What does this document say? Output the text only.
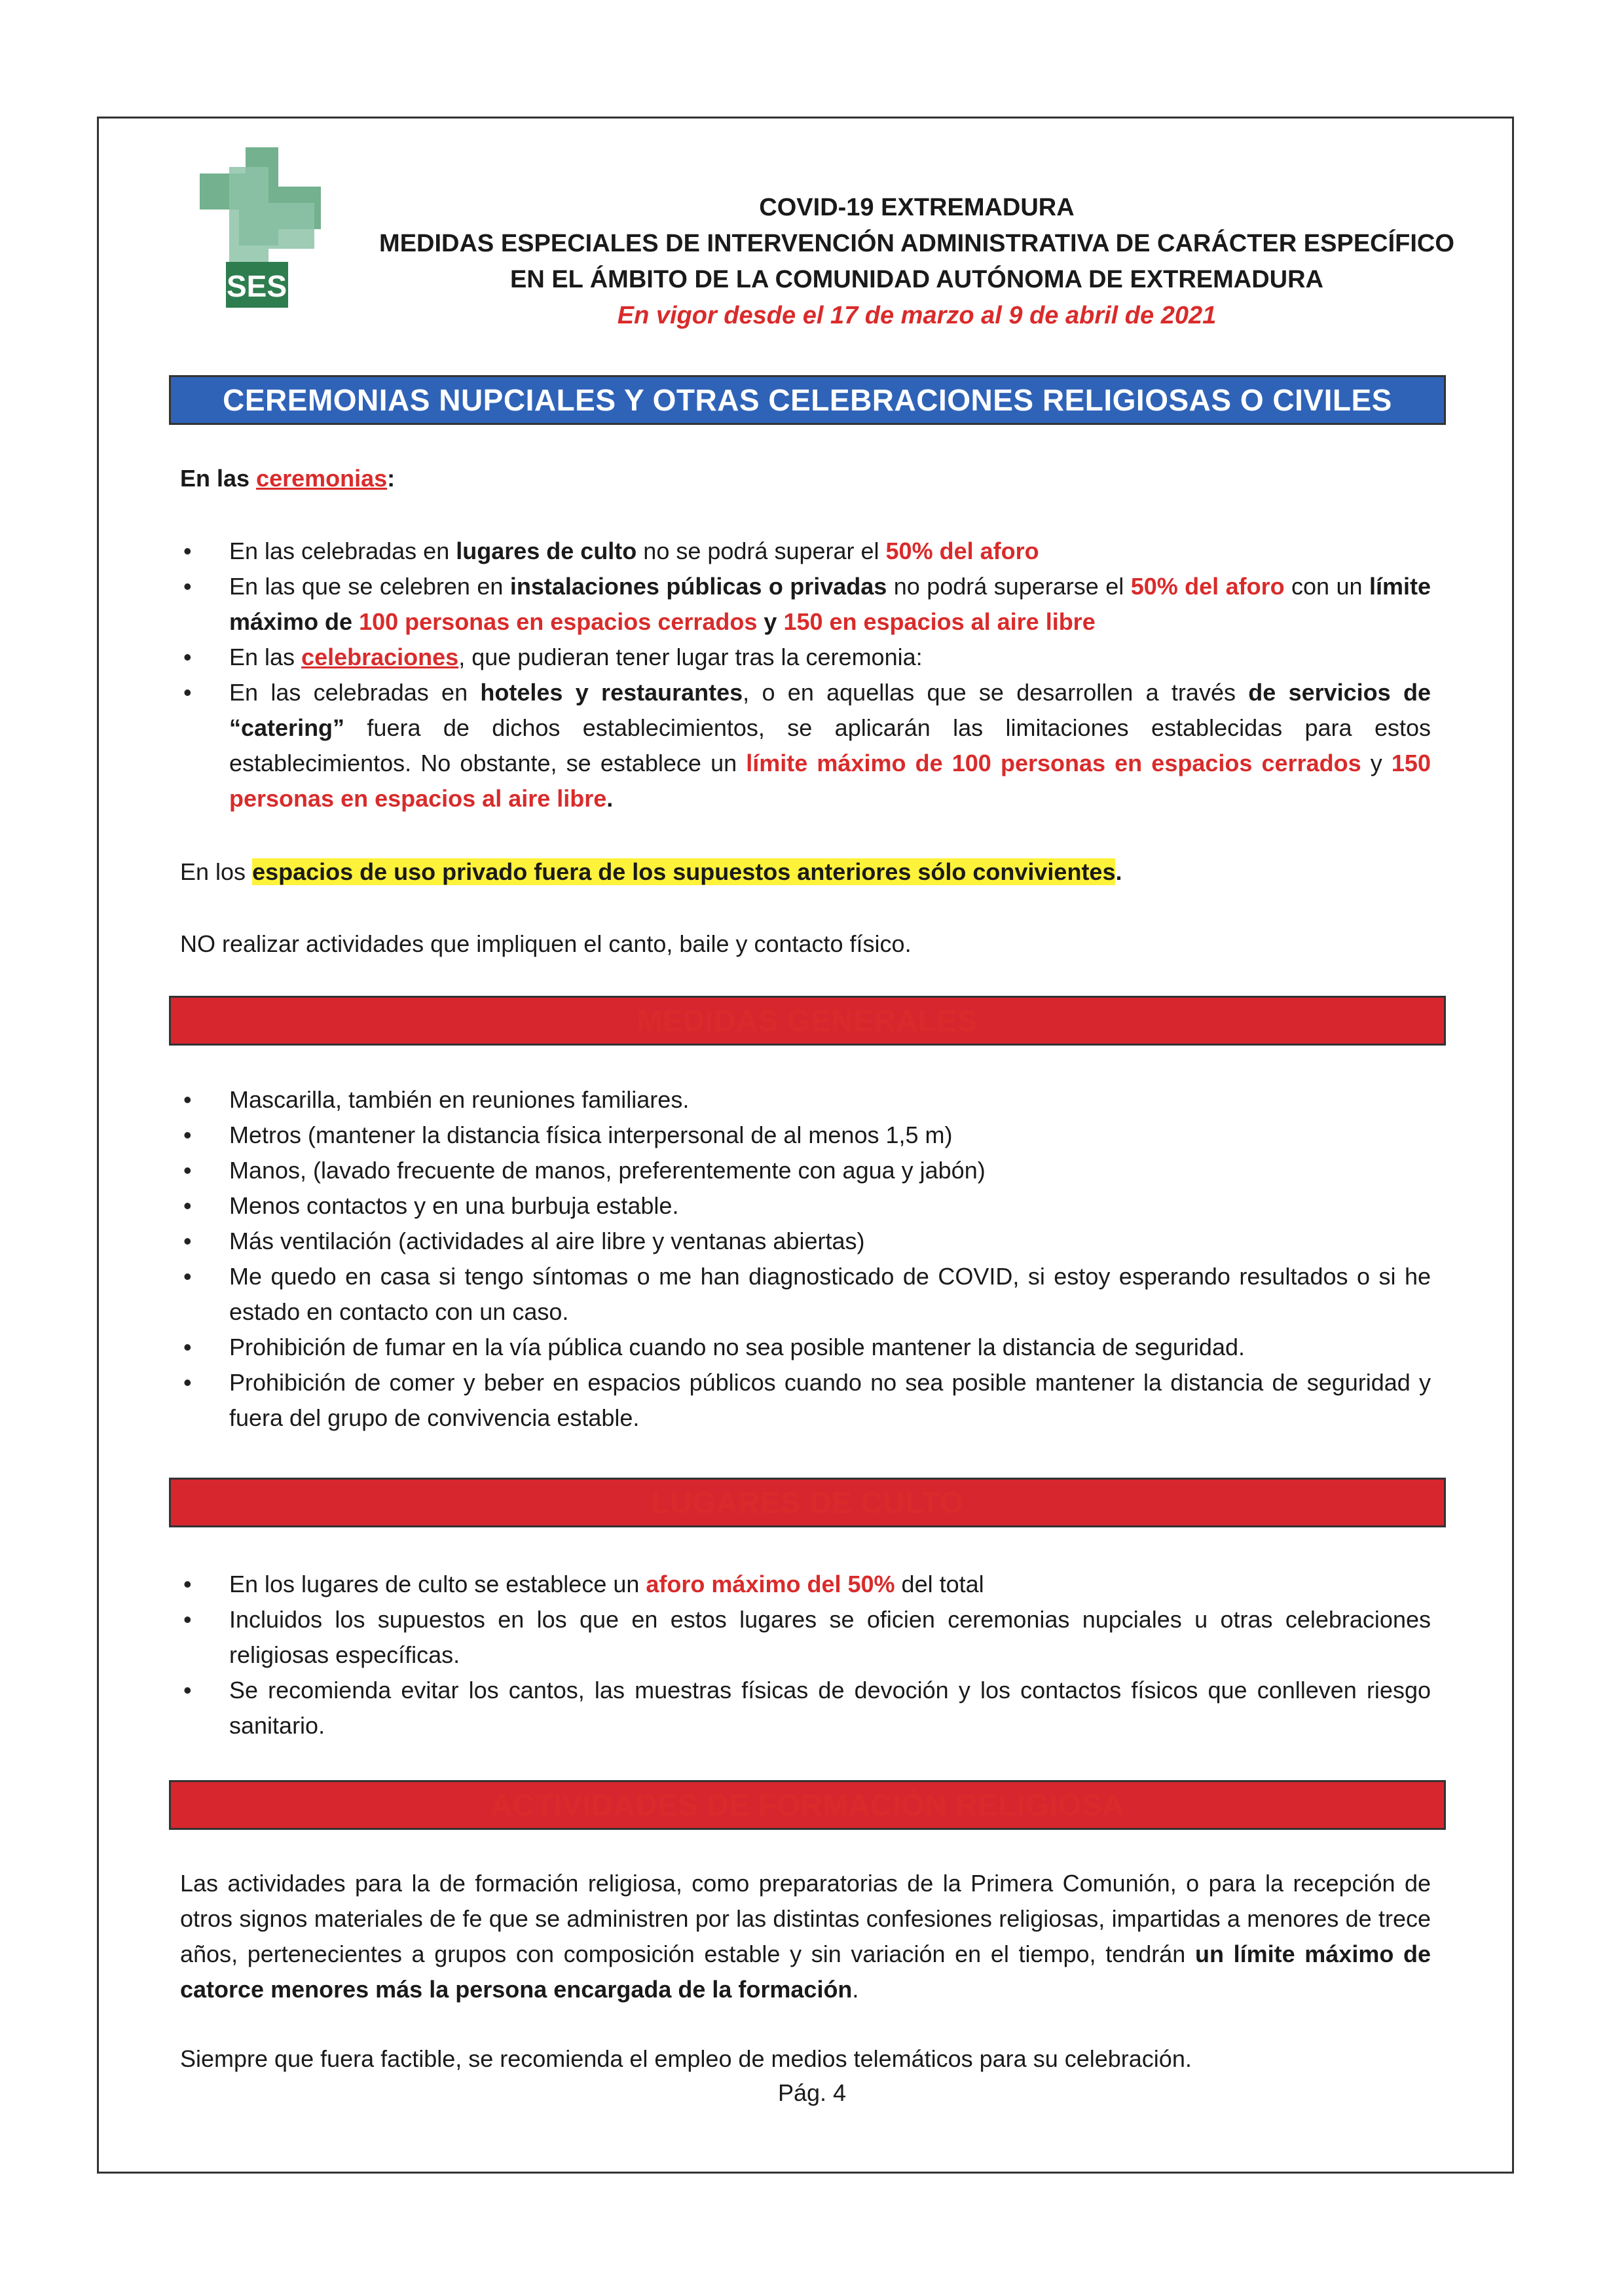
SES
COVID-19 EXTREMADURA
MEDIDAS ESPECIALES DE INTERVENCIÓN ADMINISTRATIVA DE CARÁCTER ESPECÍFICO
EN EL ÁMBITO DE LA COMUNIDAD AUTÓNOMA DE EXTREMADURA
En vigor desde el 17 de marzo al 9 de abril de 2021
CEREMONIAS NUPCIALES Y OTRAS CELEBRACIONES RELIGIOSAS O CIVILES
En las ceremonias:
• En las celebradas en lugares de culto no se podrá superar el 50% del aforo
• En las que se celebren en instalaciones públicas o privadas no podrá superarse el 50% del aforo con un límite máximo de 100 personas en espacios cerrados y 150 en espacios al aire libre
• En las celebraciones, que pudieran tener lugar tras la ceremonia:
• En las celebradas en hoteles y restaurantes, o en aquellas que se desarrollen a través de servicios de “catering” fuera de dichos establecimientos, se aplicarán las limitaciones establecidas para estos establecimientos. No obstante, se establece un límite máximo de 100 personas en espacios cerrados y 150 personas en espacios al aire libre.
En los espacios de uso privado fuera de los supuestos anteriores sólo convivientes.
NO realizar actividades que impliquen el canto, baile y contacto físico.
MEDIDAS GENERALES
• Mascarilla, también en reuniones familiares.
• Metros (mantener la distancia física interpersonal de al menos 1,5 m)
• Manos, (lavado frecuente de manos, preferentemente con agua y jabón)
• Menos contactos y en una burbuja estable.
• Más ventilación (actividades al aire libre y ventanas abiertas)
• Me quedo en casa si tengo síntomas o me han diagnosticado de COVID, si estoy esperando resultados o si he estado en contacto con un caso.
• Prohibición de fumar en la vía pública cuando no sea posible mantener la distancia de seguridad.
• Prohibición de comer y beber en espacios públicos cuando no sea posible mantener la distancia de seguridad y fuera del grupo de convivencia estable.
LUGARES DE CULTO
• En los lugares de culto se establece un aforo máximo del 50% del total
• Incluidos los supuestos en los que en estos lugares se oficien ceremonias nupciales u otras celebraciones religiosas específicas.
• Se recomienda evitar los cantos, las muestras físicas de devoción y los contactos físicos que conlleven riesgo sanitario.
ACTIVIDADES DE FORMACIÓN RELIGIOSA
Las actividades para la de formación religiosa, como preparatorias de la Primera Comunión, o para la recepción de otros signos materiales de fe que se administren por las distintas confesiones religiosas, impartidas a menores de trece años, pertenecientes a grupos con composición estable y sin variación en el tiempo, tendrán un límite máximo de catorce menores más la persona encargada de la formación.
Siempre que fuera factible, se recomienda el empleo de medios telemáticos para su celebración.
Pág. 4
